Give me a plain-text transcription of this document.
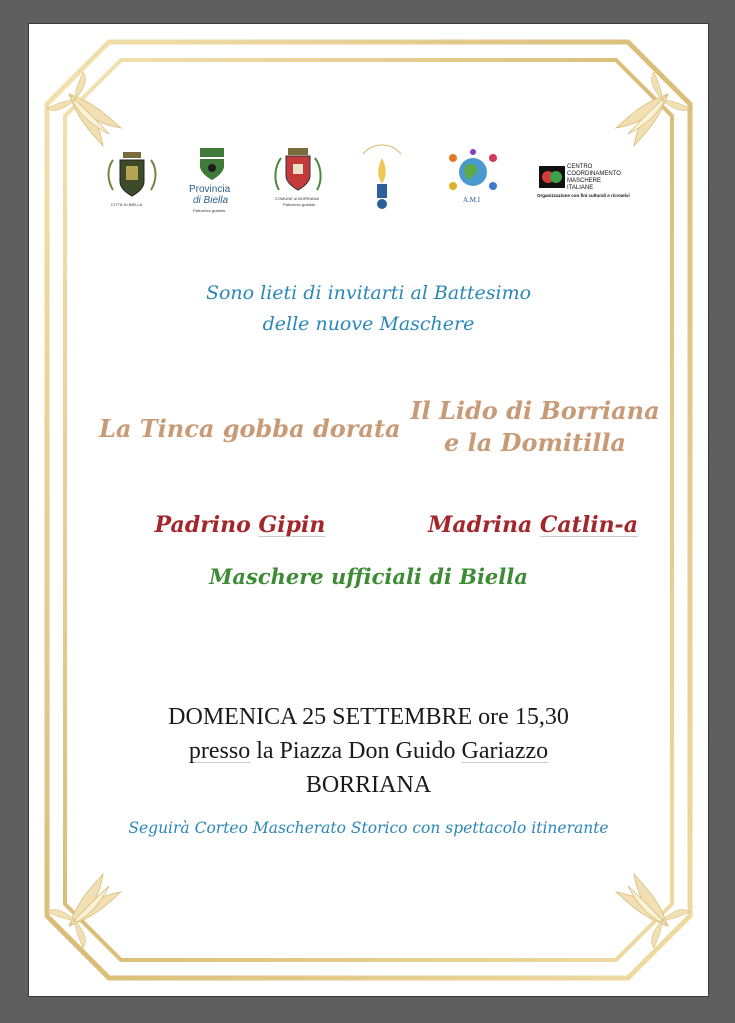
CITTÀ DI BIELLA
Provincia
di Biella
Patrocinio gratuito
COMUNE di BORRIANA
Patrocinio gratuito
A.M.I
CENTRO
COORDINAMENTO
MASCHERE
ITALIANE
Organizzazione con fini culturali e ricreativi
Sono lieti di invitarti al Battesimo
delle nuove Maschere
La Tinca gobba dorata
Il Lido di Borriana
e la Domitilla
Padrino Gipin	Madrina Catlin-a
Maschere ufficiali di Biella
DOMENICA 25 SETTEMBRE ore 15,30
presso la Piazza Don Guido Gariazzo
BORRIANA
Seguirà Corteo Mascherato Storico con spettacolo itinerante
